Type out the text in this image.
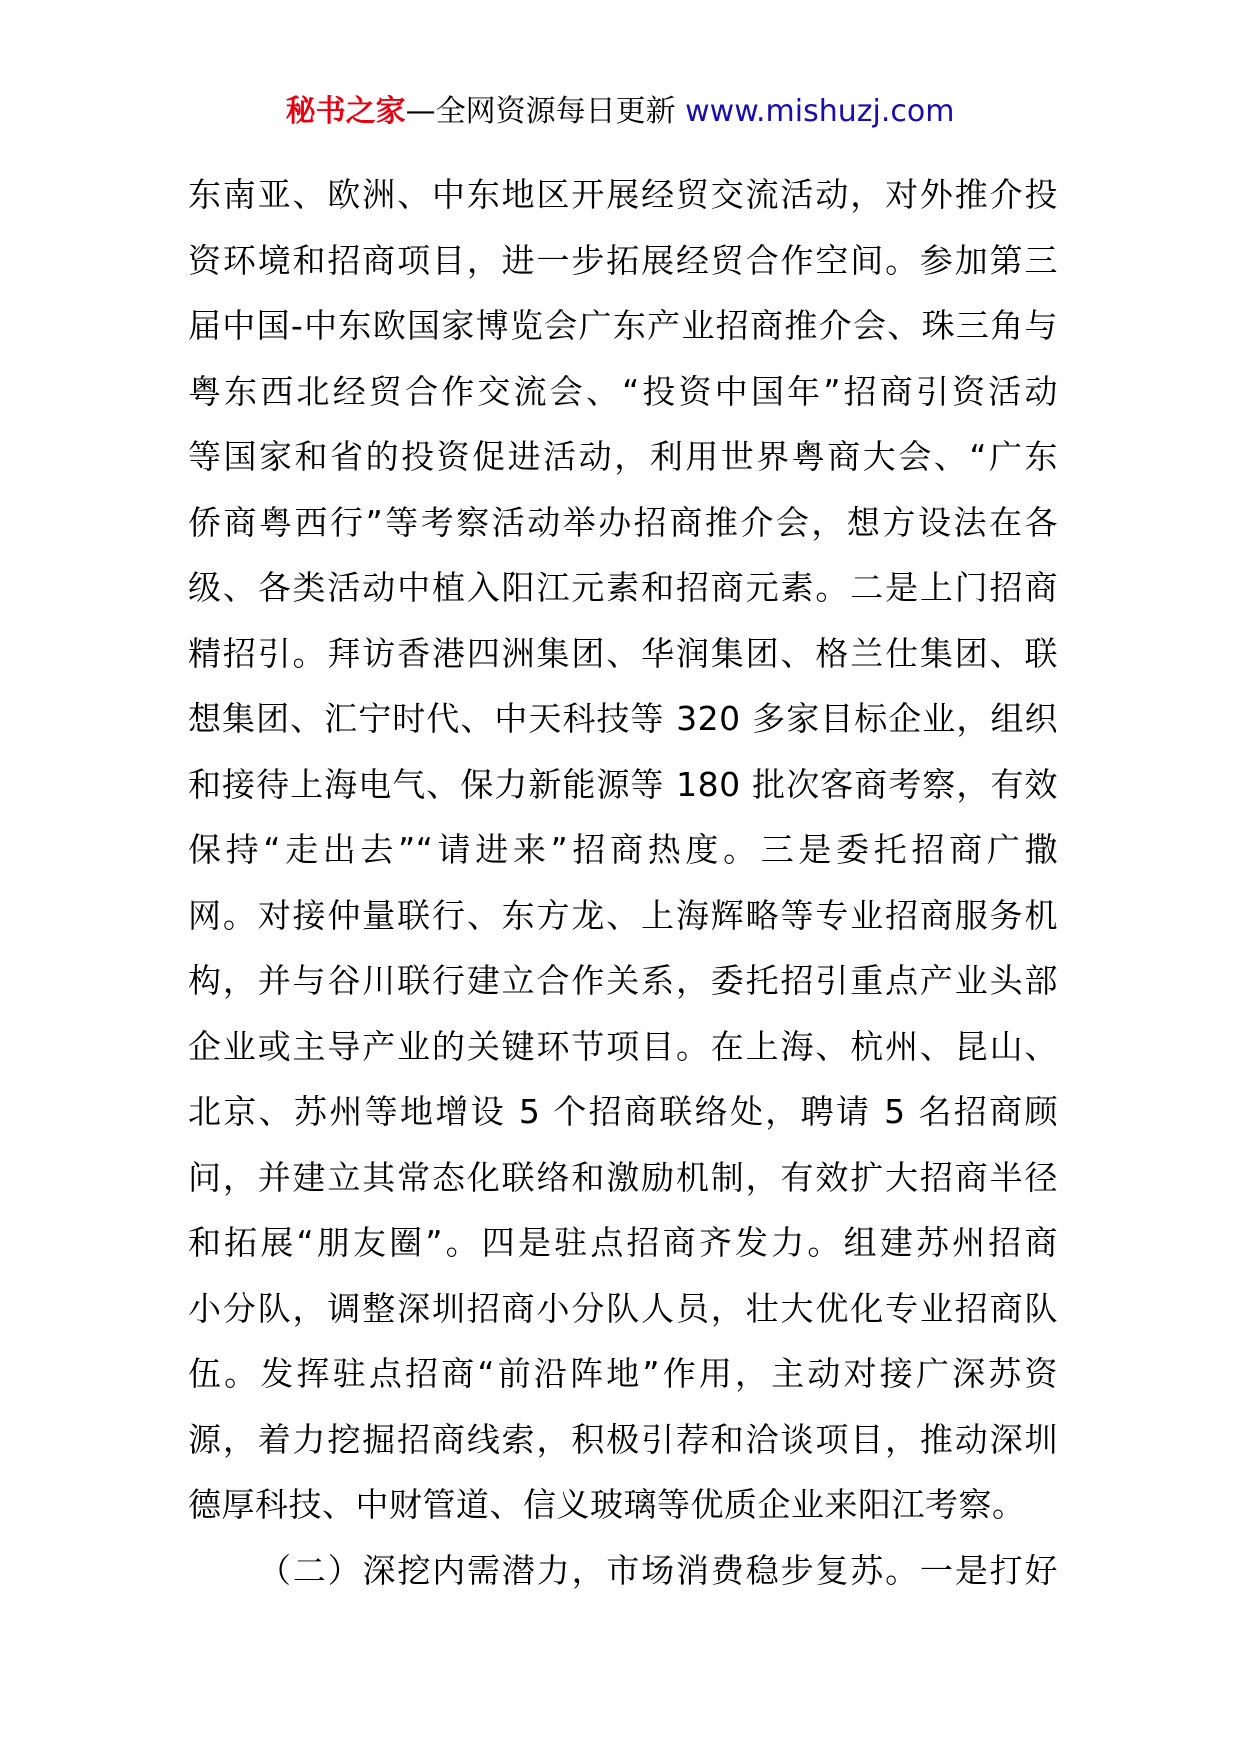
秘书之家—全网资源每日更新 www.mishuzj.com
东南亚、欧洲、中东地区开展经贸交流活动，对外推介投
资环境和招商项目，进一步拓展经贸合作空间。参加第三
届中国-中东欧国家博览会广东产业招商推介会、珠三角与
粤东西北经贸合作交流会、“投资中国年”招商引资活动
等国家和省的投资促进活动，利用世界粤商大会、“广东
侨商粤西行”等考察活动举办招商推介会，想方设法在各
级、各类活动中植入阳江元素和招商元素。二是上门招商
精招引。拜访香港四洲集团、华润集团、格兰仕集团、联
想集团、汇宁时代、中天科技等 320 多家目标企业，组织
和接待上海电气、保力新能源等 180 批次客商考察，有效
保持“走出去”“请进来”招商热度。三是委托招商广撒
网。对接仲量联行、东方龙、上海辉略等专业招商服务机
构，并与谷川联行建立合作关系，委托招引重点产业头部
企业或主导产业的关键环节项目。在上海、杭州、昆山、
北京、苏州等地增设 5 个招商联络处，聘请 5 名招商顾
问，并建立其常态化联络和激励机制，有效扩大招商半径
和拓展“朋友圈”。四是驻点招商齐发力。组建苏州招商
小分队，调整深圳招商小分队人员，壮大优化专业招商队
伍。发挥驻点招商“前沿阵地”作用，主动对接广深苏资
源，着力挖掘招商线索，积极引荐和洽谈项目，推动深圳
德厚科技、中财管道、信义玻璃等优质企业来阳江考察。
（二）深挖内需潜力，市场消费稳步复苏。一是打好
